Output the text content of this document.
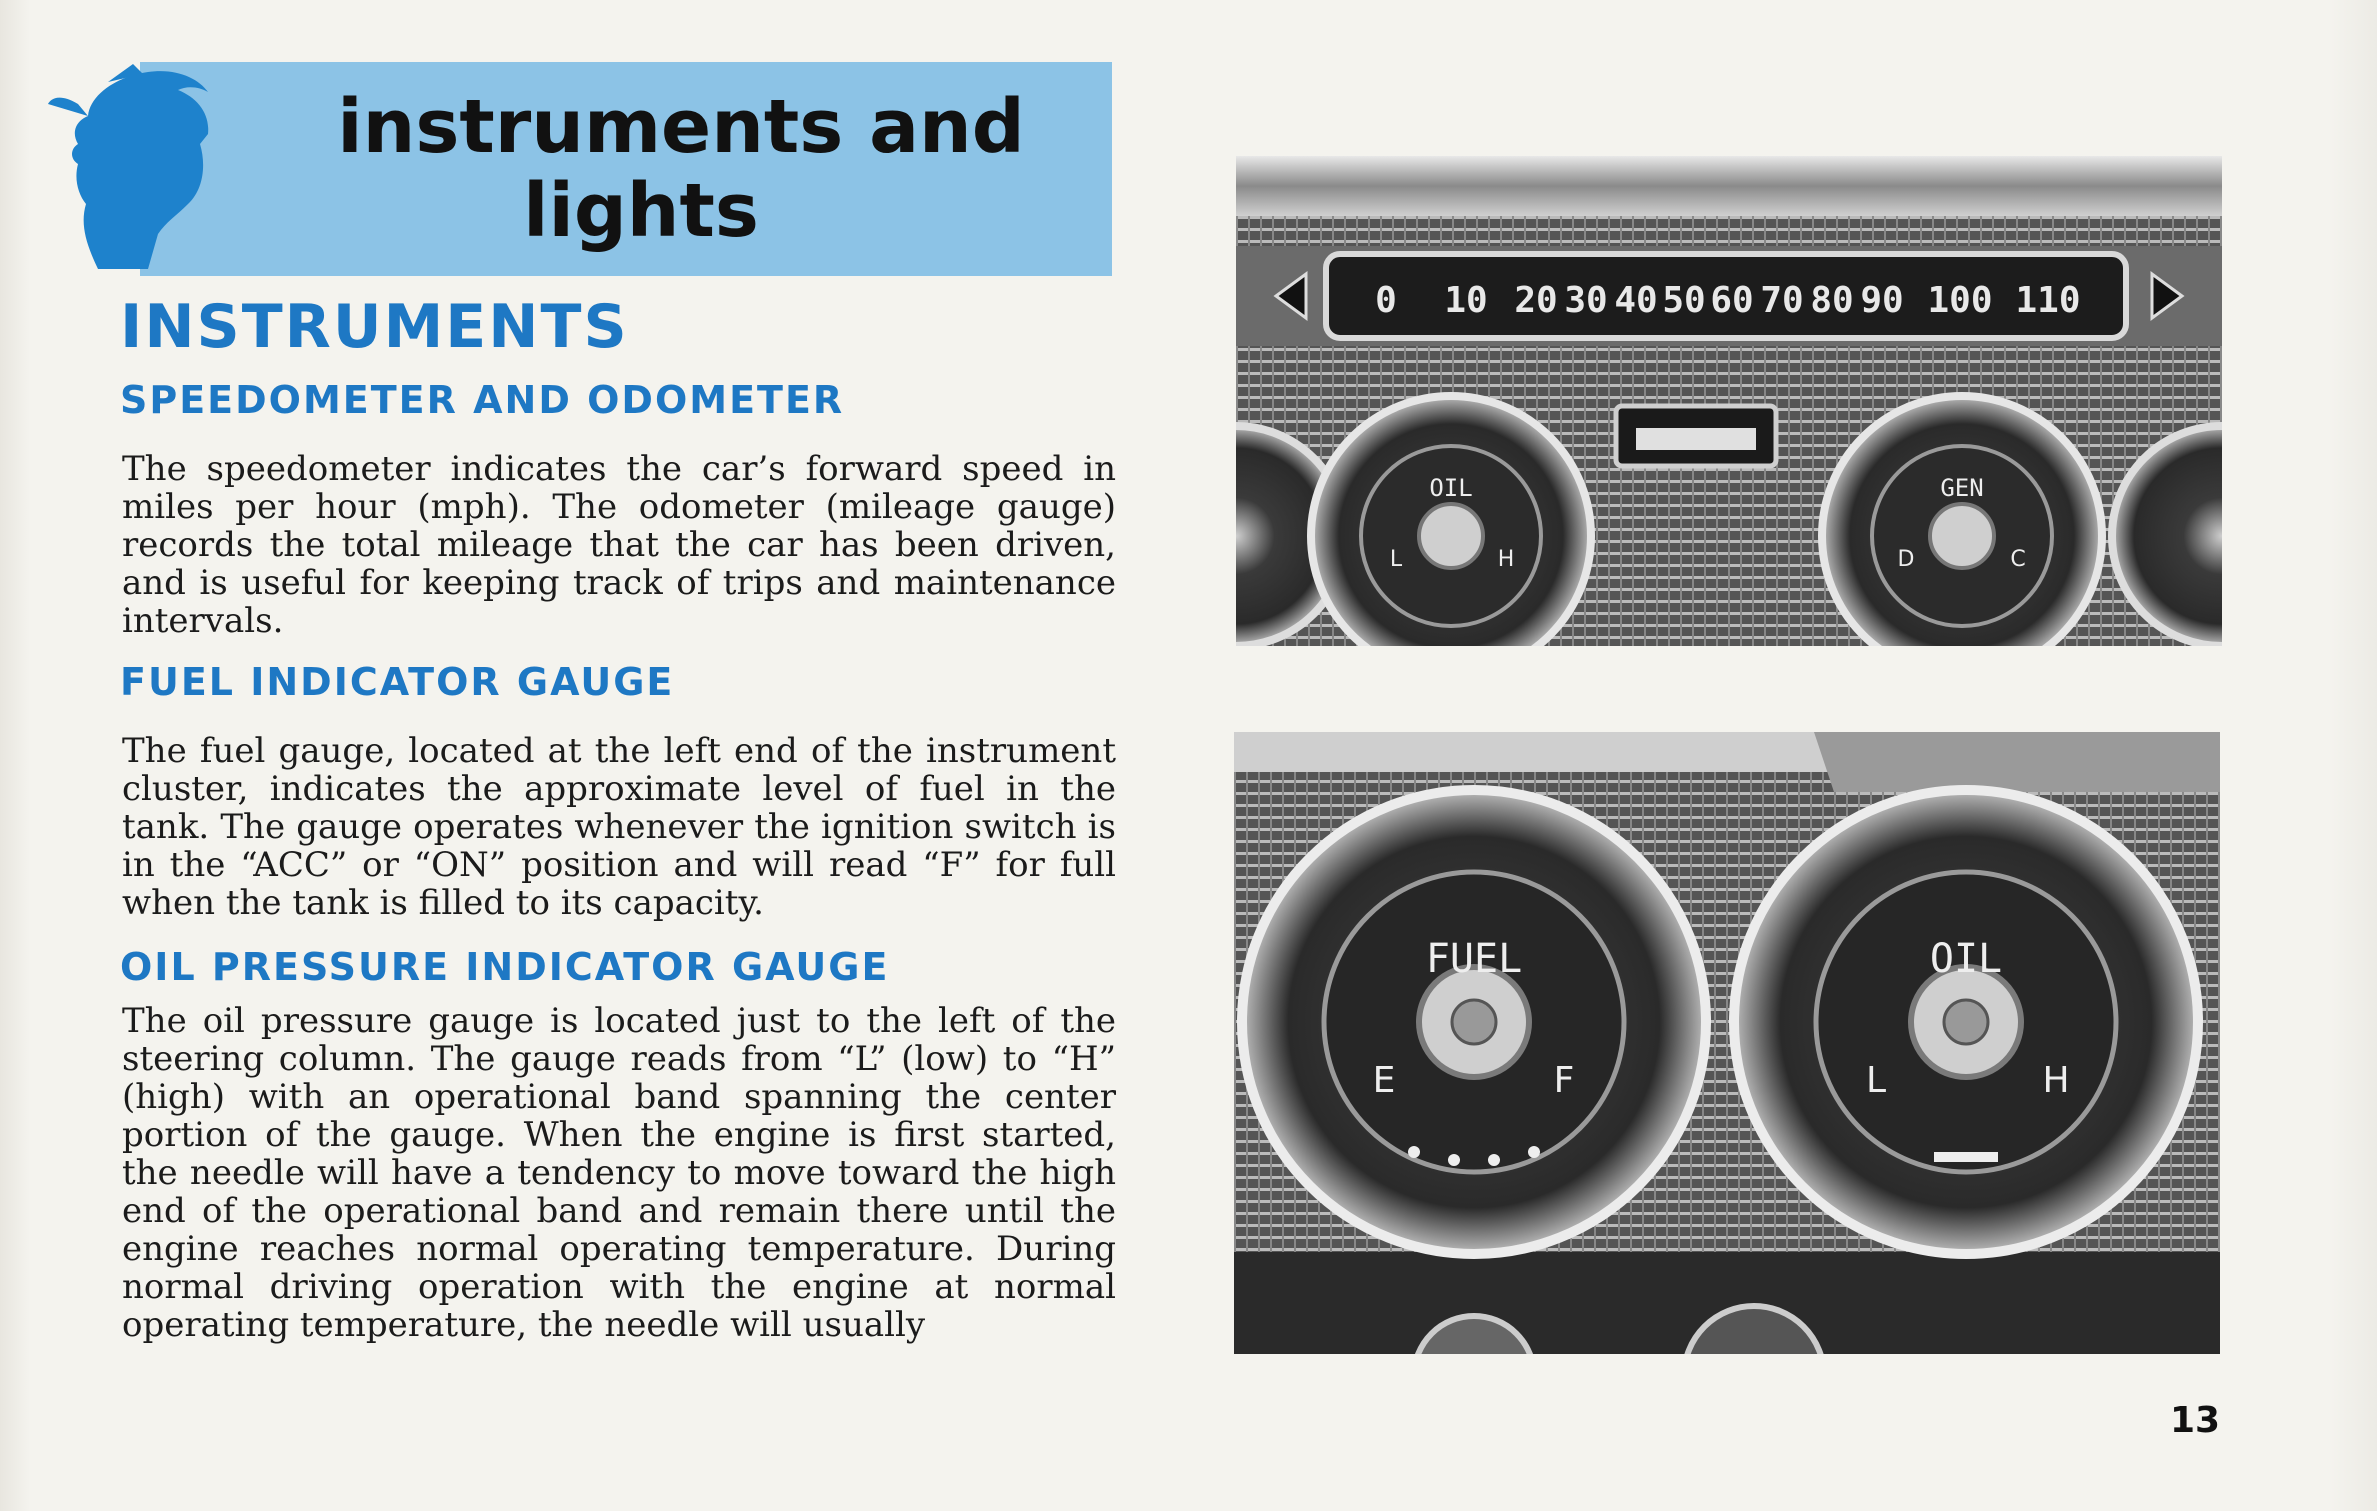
instruments and
lights
INSTRUMENTS
SPEEDOMETER AND ODOMETER
The speedometer indicates the car’s forward speed in miles per hour (mph). The odometer (mileage gauge) records the total mileage that the car has been driven, and is useful for keeping track of trips and maintenance intervals.
FUEL INDICATOR GAUGE
The fuel gauge, located at the left end of the instrument cluster, indicates the approximate level of fuel in the tank. The gauge operates whenever the ignition switch is in the “ACC” or “ON” position and will read “F” for full when the tank is filled to its capacity.
OIL PRESSURE INDICATOR GAUGE
The oil pressure gauge is located just to the left of the steering column. The gauge reads from “L” (low) to “H” (high) with an operational band spanning the center portion of the gauge. When the engine is first started, the needle will have a tendency to move toward the high end of the operational band and remain there until the engine reaches normal operating temperature. During normal driving operation with the engine at normal operating temperature, the needle will usually
0 10 20 30 40 50 60 70 80 90 100 110
OIL
L	H
GEN
D	C
FUEL
E	F
OIL
L	H
13
